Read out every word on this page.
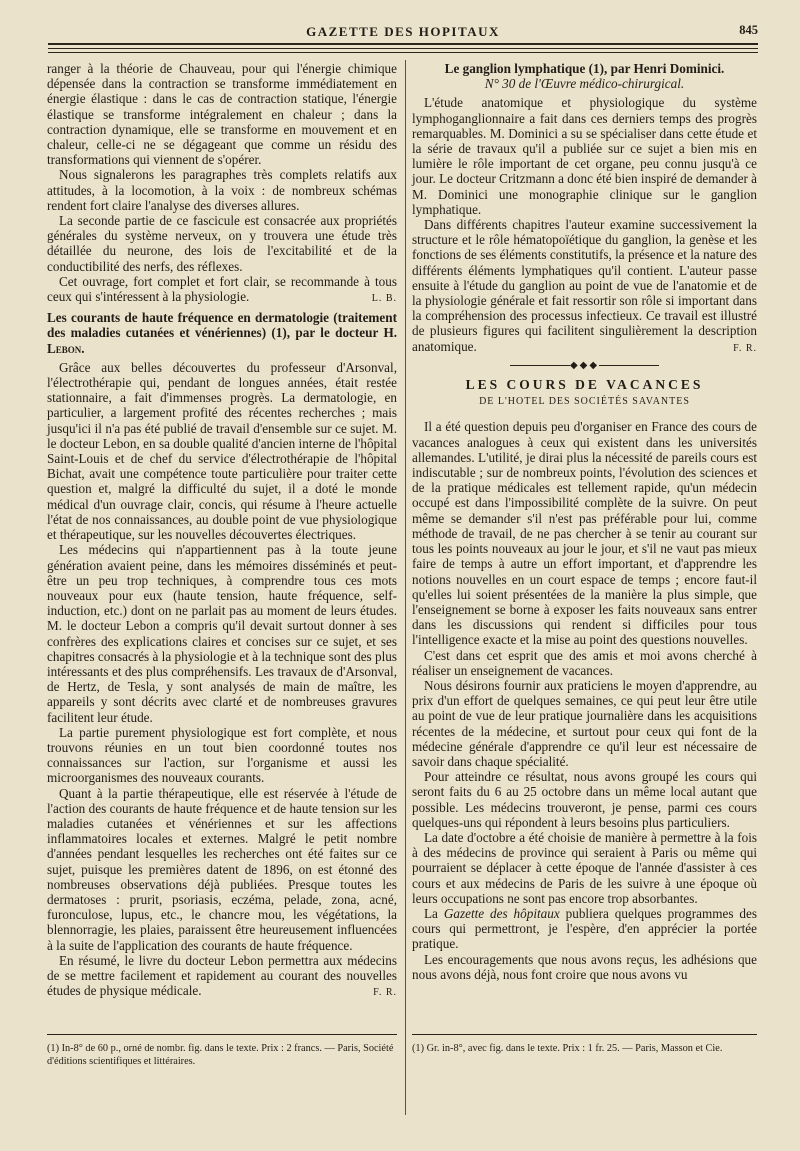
GAZETTE DES HOPITAUX	845

ranger à la théorie de Chauveau, pour qui l'énergie chimique dépensée dans la contraction se transforme immédiatement en énergie élastique : dans le cas de contraction statique, l'énergie élastique se transforme intégralement en chaleur ; dans la contraction dynamique, elle se transforme en mouvement et en chaleur, celle-ci ne se dégageant que comme un résidu des transformations qui viennent de s'opérer.

Nous signalerons les paragraphes très complets relatifs aux attitudes, à la locomotion, à la voix : de nombreux schémas rendent fort claire l'analyse des diverses allures.

La seconde partie de ce fascicule est consacrée aux propriétés générales du système nerveux, on y trouvera une étude très détaillée du neurone, des lois de l'excitabilité et de la conductibilité des nerfs, des réflexes.

Cet ouvrage, fort complet et fort clair, se recommande à tous ceux qui s'intéressent à la physiologie.	L. B.

Les courants de haute fréquence en dermatologie (traitement des maladies cutanées et vénériennes) (1), par le docteur H. Lebon.

Grâce aux belles découvertes du professeur d'Arsonval, l'électrothérapie qui, pendant de longues années, était restée stationnaire, a fait d'immenses progrès. La dermatologie, en particulier, a largement profité des récentes recherches ; mais jusqu'ici il n'a pas été publié de travail d'ensemble sur ce sujet. M. le docteur Lebon, en sa double qualité d'ancien interne de l'hôpital Saint-Louis et de chef du service d'électrothérapie de l'hôpital Bichat, avait une compétence toute particulière pour traiter cette question et, malgré la difficulté du sujet, il a doté le monde médical d'un ouvrage clair, concis, qui résume à l'heure actuelle l'état de nos connaissances, au double point de vue physiologique et thérapeutique, sur les nouvelles découvertes électriques.

Les médecins qui n'appartiennent pas à la toute jeune génération avaient peine, dans les mémoires disséminés et peut-être un peu trop techniques, à comprendre tous ces mots nouveaux pour eux (haute tension, haute fréquence, self-induction, etc.) dont on ne parlait pas au moment de leurs études. M. le docteur Lebon a compris qu'il devait surtout donner à ses confrères des explications claires et concises sur ce sujet, et ses chapitres consacrés à la physiologie et à la technique sont des plus intéressants et des plus compréhensifs. Les travaux de d'Arsonval, de Hertz, de Tesla, y sont analysés de main de maître, les appareils y sont décrits avec clarté et de nombreuses gravures facilitent leur étude.

La partie purement physiologique est fort complète, et nous trouvons réunies en un tout bien coordonné toutes nos connaissances sur l'action, sur l'organisme et aussi les microorganismes des nouveaux courants.

Quant à la partie thérapeutique, elle est réservée à l'étude de l'action des courants de haute fréquence et de haute tension sur les maladies cutanées et vénériennes et sur les affections inflammatoires locales et externes. Malgré le petit nombre d'années pendant lesquelles les recherches ont été faites sur ce sujet, puisque les premières datent de 1896, on est étonné des nombreuses observations déjà publiées. Presque toutes les dermatoses : prurit, psoriasis, eczéma, pelade, zona, acné, furonculose, lupus, etc., le chancre mou, les végétations, la blennorragie, les plaies, paraissent être heureusement influencées à la suite de l'application des courants de haute fréquence.

En résumé, le livre du docteur Lebon permettra aux médecins de se mettre facilement et rapidement au courant des nouvelles études de physique médicale.	F. R.

Le ganglion lymphatique (1), par Henri Dominici.

N° 30 de l'Œuvre médico-chirurgical.

L'étude anatomique et physiologique du système lymphoganglionnaire a fait dans ces derniers temps des progrès remarquables. M. Dominici a su se spécialiser dans cette étude et la série de travaux qu'il a publiée sur ce sujet a bien mis en lumière le rôle important de cet organe, peu connu jusqu'à ce jour. Le docteur Critzmann a donc été bien inspiré de demander à M. Dominici une monographie clinique sur le ganglion lymphatique.

Dans différents chapitres l'auteur examine successivement la structure et le rôle hématopoïétique du ganglion, la genèse et les fonctions de ses éléments constitutifs, la présence et la nature des différents éléments lymphatiques qu'il contient. L'auteur passe ensuite à l'étude du ganglion au point de vue de l'anatomie et de la physiologie générale et fait ressortir son rôle si important dans la compréhension des processus infectieux. Ce travail est illustré de plusieurs figures qui facilitent singulièrement la description anatomique.	F. R.

◆◆◆

LES COURS DE VACANCES

DE L'HOTEL DES SOCIÉTÉS SAVANTES

Il a été question depuis peu d'organiser en France des cours de vacances analogues à ceux qui existent dans les universités allemandes. L'utilité, je dirai plus la nécessité de pareils cours est indiscutable ; sur de nombreux points, l'évolution des sciences et de la pratique médicales est tellement rapide, qu'un médecin occupé est dans l'impossibilité complète de la suivre. On peut même se demander s'il n'est pas préférable pour lui, comme méthode de travail, de ne pas chercher à se tenir au courant sur tous les points nouveaux au jour le jour, et s'il ne vaut pas mieux faire de temps à autre un effort important, et d'apprendre les notions nouvelles en un court espace de temps ; encore faut-il qu'elles lui soient présentées de la manière la plus simple, que l'enseignement se borne à exposer les faits nouveaux sans entrer dans les discussions qui rendent si difficiles pour tous l'intelligence exacte et la mise au point des questions nouvelles.

C'est dans cet esprit que des amis et moi avons cherché à réaliser un enseignement de vacances.

Nous désirons fournir aux praticiens le moyen d'apprendre, au prix d'un effort de quelques semaines, ce qui peut leur être utile au point de vue de leur pratique journalière dans les acquisitions récentes de la médecine, et surtout pour ceux qui font de la médecine générale d'apprendre ce qu'il leur est nécessaire de savoir dans chaque spécialité.

Pour atteindre ce résultat, nous avons groupé les cours qui seront faits du 6 au 25 octobre dans un même local autant que possible. Les médecins trouveront, je pense, parmi ces cours quelques-uns qui répondent à leurs besoins plus particuliers.

La date d'octobre a été choisie de manière à permettre à la fois à des médecins de province qui seraient à Paris ou même qui pourraient se déplacer à cette époque de l'année d'assister à ces cours et aux médecins de Paris de les suivre à une époque où leurs occupations ne sont pas encore trop absorbantes.

La Gazette des hôpitaux publiera quelques programmes des cours qui permettront, je l'espère, d'en apprécier la portée pratique.

Les encouragements que nous avons reçus, les adhésions que nous avons déjà, nous font croire que nous avons vu

(1) In-8° de 60 p., orné de nombr. fig. dans le texte. Prix : 2 francs. — Paris, Société d'éditions scientifiques et littéraires.
(1) Gr. in-8°, avec fig. dans le texte. Prix : 1 fr. 25. — Paris, Masson et Cie.
